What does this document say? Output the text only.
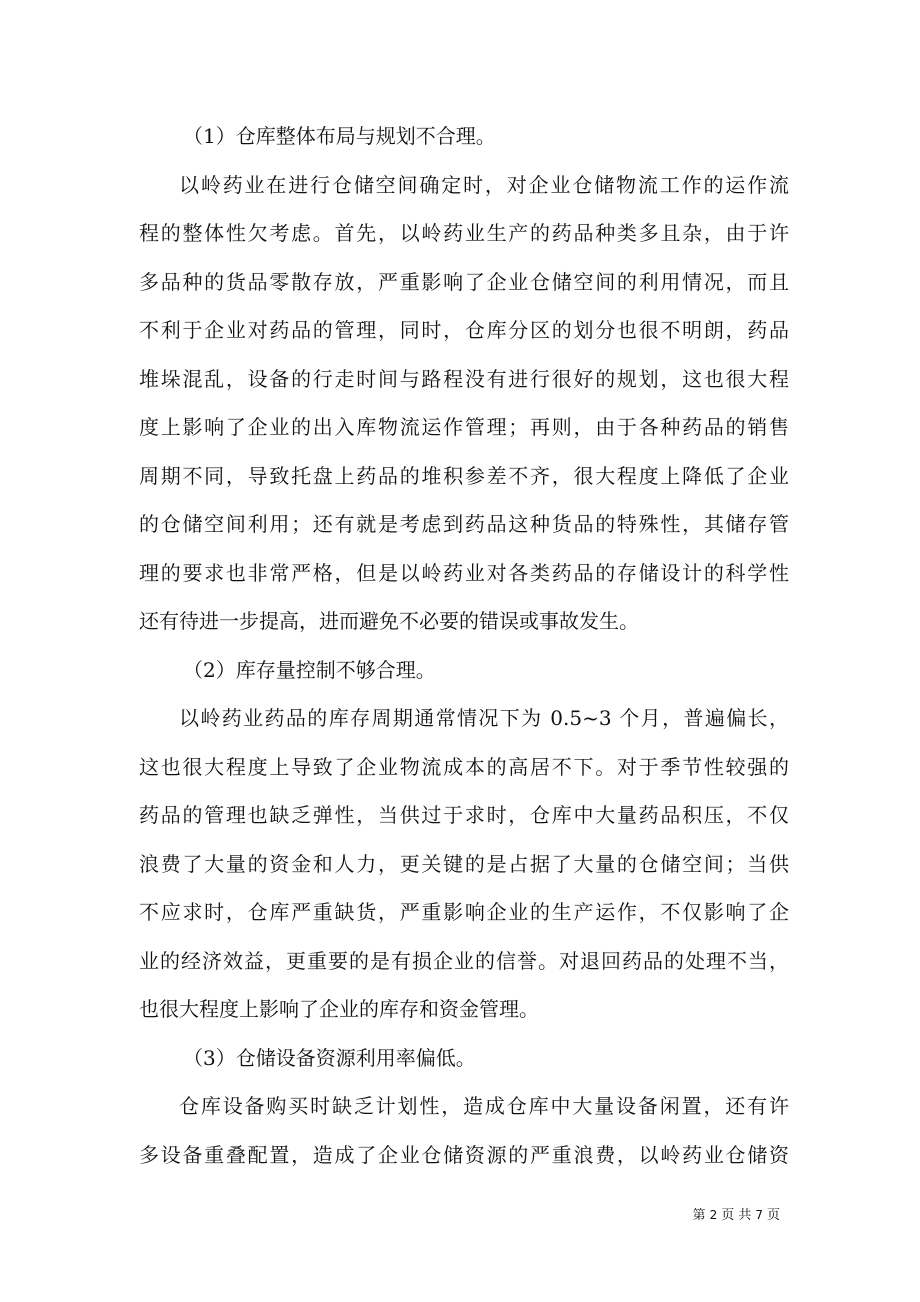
（1）仓库整体布局与规划不合理。
以岭药业在进行仓储空间确定时，对企业仓储物流工作的运作流
程的整体性欠考虑。首先，以岭药业生产的药品种类多且杂，由于许
多品种的货品零散存放，严重影响了企业仓储空间的利用情况，而且
不利于企业对药品的管理，同时，仓库分区的划分也很不明朗，药品
堆垛混乱，设备的行走时间与路程没有进行很好的规划，这也很大程
度上影响了企业的出入库物流运作管理；再则，由于各种药品的销售
周期不同，导致托盘上药品的堆积参差不齐，很大程度上降低了企业
的仓储空间利用；还有就是考虑到药品这种货品的特殊性，其储存管
理的要求也非常严格，但是以岭药业对各类药品的存储设计的科学性
还有待进一步提高，进而避免不必要的错误或事故发生。
（2）库存量控制不够合理。
以岭药业药品的库存周期通常情况下为 0.5~3 个月，普遍偏长，
这也很大程度上导致了企业物流成本的高居不下。对于季节性较强的
药品的管理也缺乏弹性，当供过于求时，仓库中大量药品积压，不仅
浪费了大量的资金和人力，更关键的是占据了大量的仓储空间；当供
不应求时，仓库严重缺货，严重影响企业的生产运作，不仅影响了企
业的经济效益，更重要的是有损企业的信誉。对退回药品的处理不当，
也很大程度上影响了企业的库存和资金管理。
（3）仓储设备资源利用率偏低。
仓库设备购买时缺乏计划性，造成仓库中大量设备闲置，还有许
多设备重叠配置，造成了企业仓储资源的严重浪费，以岭药业仓储资
第 2 页 共 7 页
